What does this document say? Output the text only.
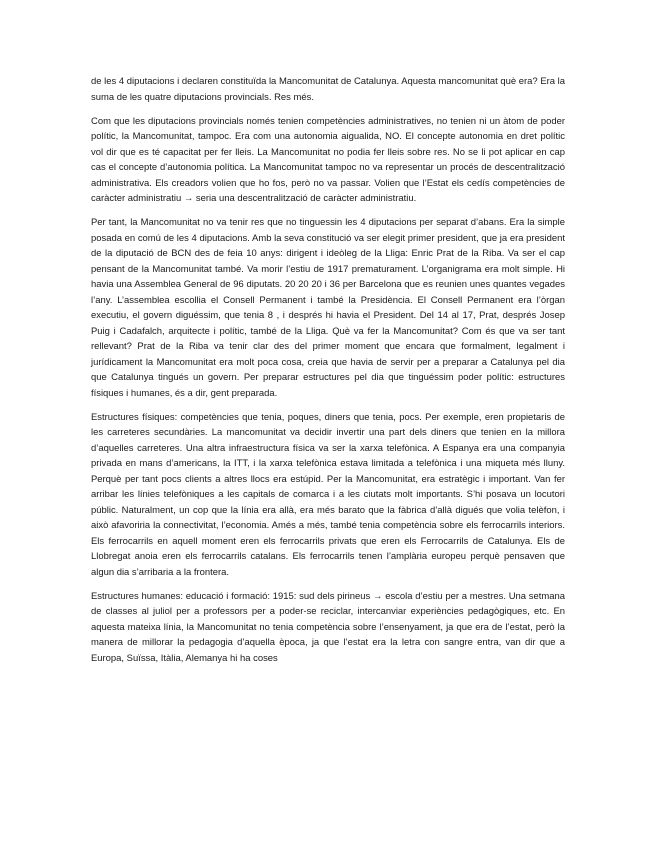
de les 4 diputacions i declaren constituïda la Mancomunitat de Catalunya. Aquesta mancomunitat què era? Era la suma de les quatre diputacions provincials. Res més.

Com que les diputacions provincials només tenien competències administratives, no tenien ni un àtom de poder polític, la Mancomunitat, tampoc. Era com una autonomia aigualida, NO. El concepte autonomia en dret polític vol dir que es té capacitat per fer lleis. La Mancomunitat no podia fer lleis sobre res. No se li pot aplicar en cap cas el concepte d’autonomia política. La Mancomunitat tampoc no va representar un procés de descentralització administrativa. Els creadors volien que ho fos, però no va passar. Volien que l’Estat els cedís competències de caràcter administratiu → seria una descentralització de caràcter administratiu.

Per tant, la Mancomunitat no va tenir res que no tinguessin les 4 diputacions per separat d’abans. Era la simple posada en comú de les 4 diputacions. Amb la seva constitució va ser elegit primer president, que ja era president de la diputació de BCN des de feia 10 anys: dirigent i ideòleg de la Lliga: Enric Prat de la Riba. Va ser el cap pensant de la Mancomunitat també. Va morir l’estiu de 1917 prematurament. L’organigrama era molt simple. Hi havia una Assemblea General de 96 diputats. 20 20 20 i 36 per Barcelona que es reunien unes quantes vegades l’any. L’assemblea escollia el Consell Permanent i també la Presidència. El Consell Permanent era l’òrgan executiu, el govern diguéssim, que tenia 8 , i després hi havia el President. Del 14 al 17, Prat, després Josep Puig i Cadafalch, arquitecte i polític, també de la Lliga. Què va fer la Mancomunitat? Com és que va ser tant rellevant? Prat de la Riba va tenir clar des del primer moment que encara que formalment, legalment i jurídicament la Mancomunitat era molt poca cosa, creia que havia de servir per a preparar a Catalunya pel dia que Catalunya tingués un govern. Per preparar estructures pel dia que tinguéssim poder polític: estructures físiques i humanes, és a dir, gent preparada.

Estructures físiques: competències que tenia, poques, diners que tenia, pocs. Per exemple, eren propietaris de les carreteres secundàries. La mancomunitat va decidir invertir una part dels diners que tenien en la millora d’aquelles carreteres. Una altra infraestructura física va ser la xarxa telefònica. A Espanya era una companyia privada en mans d’americans, la ITT, i la xarxa telefònica estava limitada a telefònica i una miqueta més lluny. Perquè per tant pocs clients a altres llocs era estúpid. Per la Mancomunitat, era estratègic i important. Van fer arribar les línies telefòniques a les capitals de comarca i a les ciutats molt importants. S’hi posava un locutori públic. Naturalment, un cop que la línia era allà, era més barato que la fàbrica d’allà digués que volia telèfon, i això afavoriria la connectivitat, l’economia. Amés a més, també tenia competència sobre els ferrocarrils interiors. Els ferrocarrils en aquell moment eren els ferrocarrils privats que eren els Ferrocarrils de Catalunya. Els de Llobregat anoia eren els ferrocarrils catalans. Els ferrocarrils tenen l’amplària europeu perquè pensaven que algun dia s’arribaria a la frontera.

Estructures humanes: educació i formació: 1915: sud dels pirineus → escola d’estiu per a mestres. Una setmana de classes al juliol per a professors per a poder-se reciclar, intercanviar experiències pedagògiques, etc. En aquesta mateixa línia, la Mancomunitat no tenia competència sobre l’ensenyament, ja que era de l’estat, però la manera de millorar la pedagogia d’aquella època, ja que l’estat era la letra con sangre entra, van dir que a Europa, Suïssa, Itàlia, Alemanya hi ha coses
